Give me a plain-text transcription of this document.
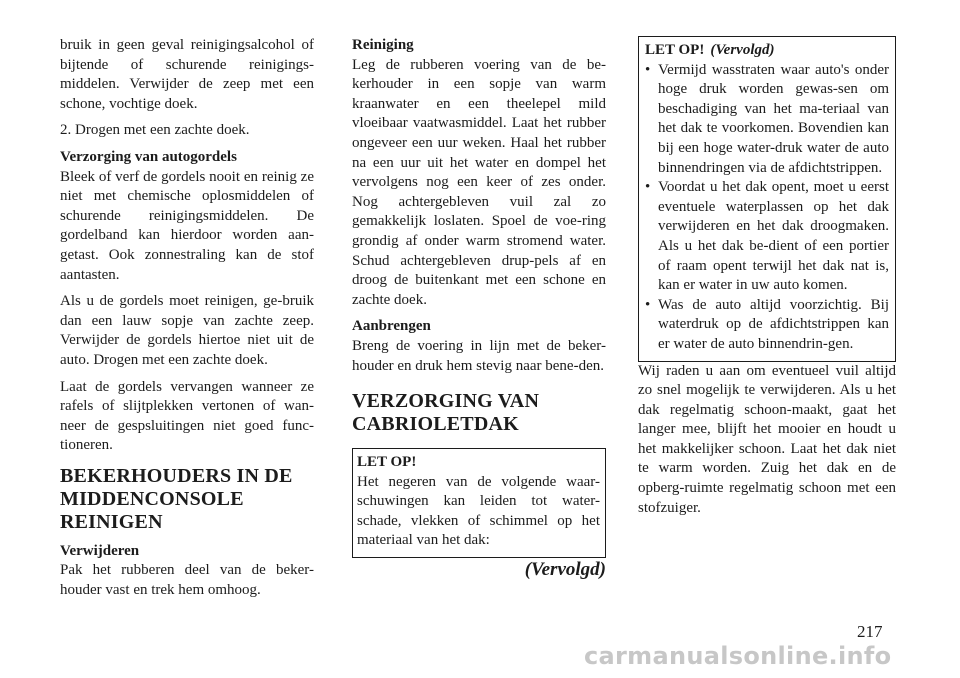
bruik in geen geval reinigingsalcohol of bijtende of schurende reinigings-middelen. Verwijder de zeep met een schone, vochtige doek.

2. Drogen met een zachte doek.

Verzorging van autogordels

Bleek of verf de gordels nooit en reinig ze niet met chemische oplosmiddelen of schurende reinigingsmiddelen. De gordelband kan hierdoor worden aan-getast. Ook zonnestraling kan de stof aantasten.

Als u de gordels moet reinigen, ge-bruik dan een lauw sopje van zachte zeep. Verwijder de gordels hiertoe niet uit de auto. Drogen met een zachte doek.

Laat de gordels vervangen wanneer ze rafels of slijtplekken vertonen of wan-neer de gespsluitingen niet goed func-tioneren.

BEKERHOUDERS IN DE MIDDENCONSOLE REINIGEN
Verwijderen

Pak het rubberen deel van de beker-houder vast en trek hem omhoog.

Reiniging

Leg de rubberen voering van de be-kerhouder in een sopje van warm kraanwater en een theelepel mild vloeibaar vaatwasmiddel. Laat het rubber ongeveer een uur weken. Haal het rubber na een uur uit het water en dompel het vervolgens nog een keer of zes onder. Nog achtergebleven vuil zal zo gemakkelijk loslaten. Spoel de voe-ring grondig af onder warm stromend water. Schud achtergebleven drup-pels af en droog de buitenkant met een schone en zachte doek.

Aanbrengen

Breng de voering in lijn met de beker-houder en druk hem stevig naar bene-den.

VERZORGING VAN CABRIOLETDAK
LET OP!
Het negeren van de volgende waar-schuwingen kan leiden tot water-schade, vlekken of schimmel op het materiaal van het dak:
(Vervolgd)
LET OP! (Vervolgd)
• Vermijd wasstraten waar auto's onder hoge druk worden gewas-sen om beschadiging van het ma-teriaal van het dak te voorkomen. Bovendien kan bij een hoge water-druk water de auto binnendringen via de afdichtstrippen.
• Voordat u het dak opent, moet u eerst eventuele waterplassen op het dak verwijderen en het dak droogmaken. Als u het dak be-dient of een portier of raam opent terwijl het dak nat is, kan er water in uw auto komen.
• Was de auto altijd voorzichtig. Bij waterdruk op de afdichtstrippen kan er water de auto binnendrin-gen.

Wij raden u aan om eventueel vuil altijd zo snel mogelijk te verwijderen. Als u het dak regelmatig schoon-maakt, gaat het langer mee, blijft het mooier en houdt u het makkelijker schoon. Laat het dak niet te warm worden. Zuig het dak en de opberg-ruimte regelmatig schoon met een stofzuiger.

217
carmanualsonline.info
